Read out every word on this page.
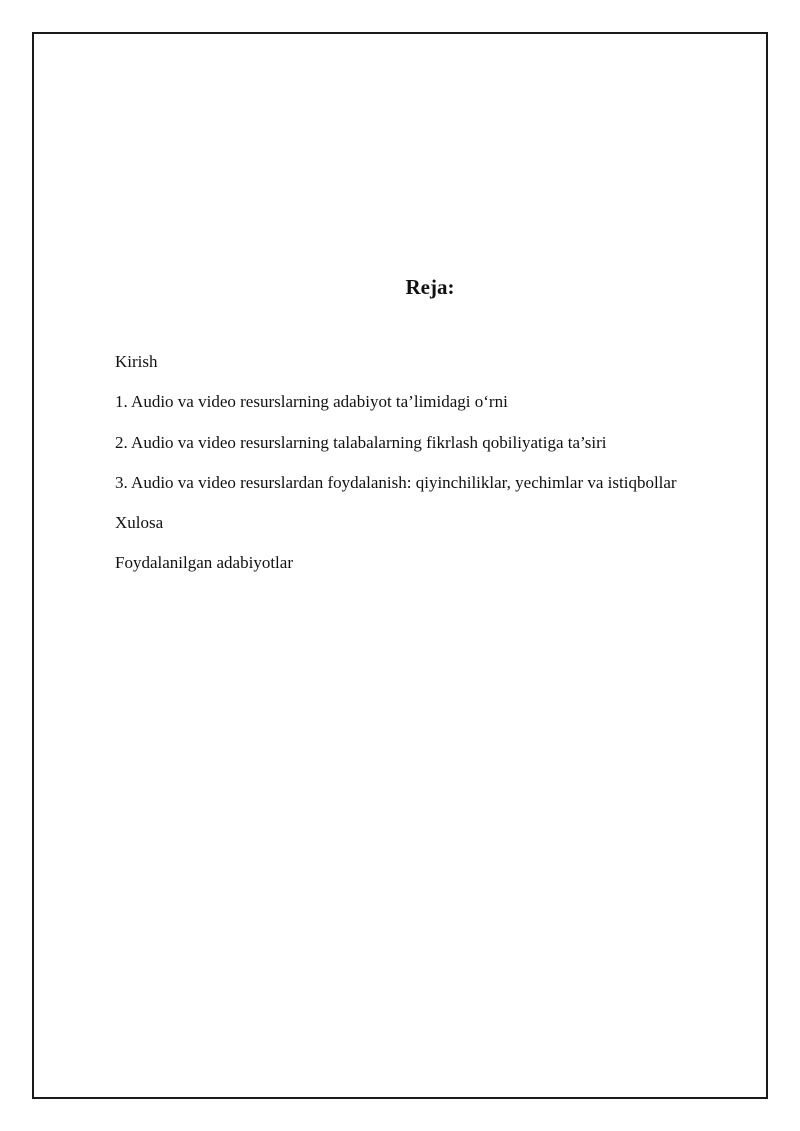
Reja:
Kirish
1. Audio va video resurslarning adabiyot ta’limidagi o‘rni
2. Audio va video resurslarning talabalarning fikrlash qobiliyatiga ta’siri
3. Audio va video resurslardan foydalanish: qiyinchiliklar, yechimlar va istiqbollar
Xulosa
Foydalanilgan adabiyotlar
